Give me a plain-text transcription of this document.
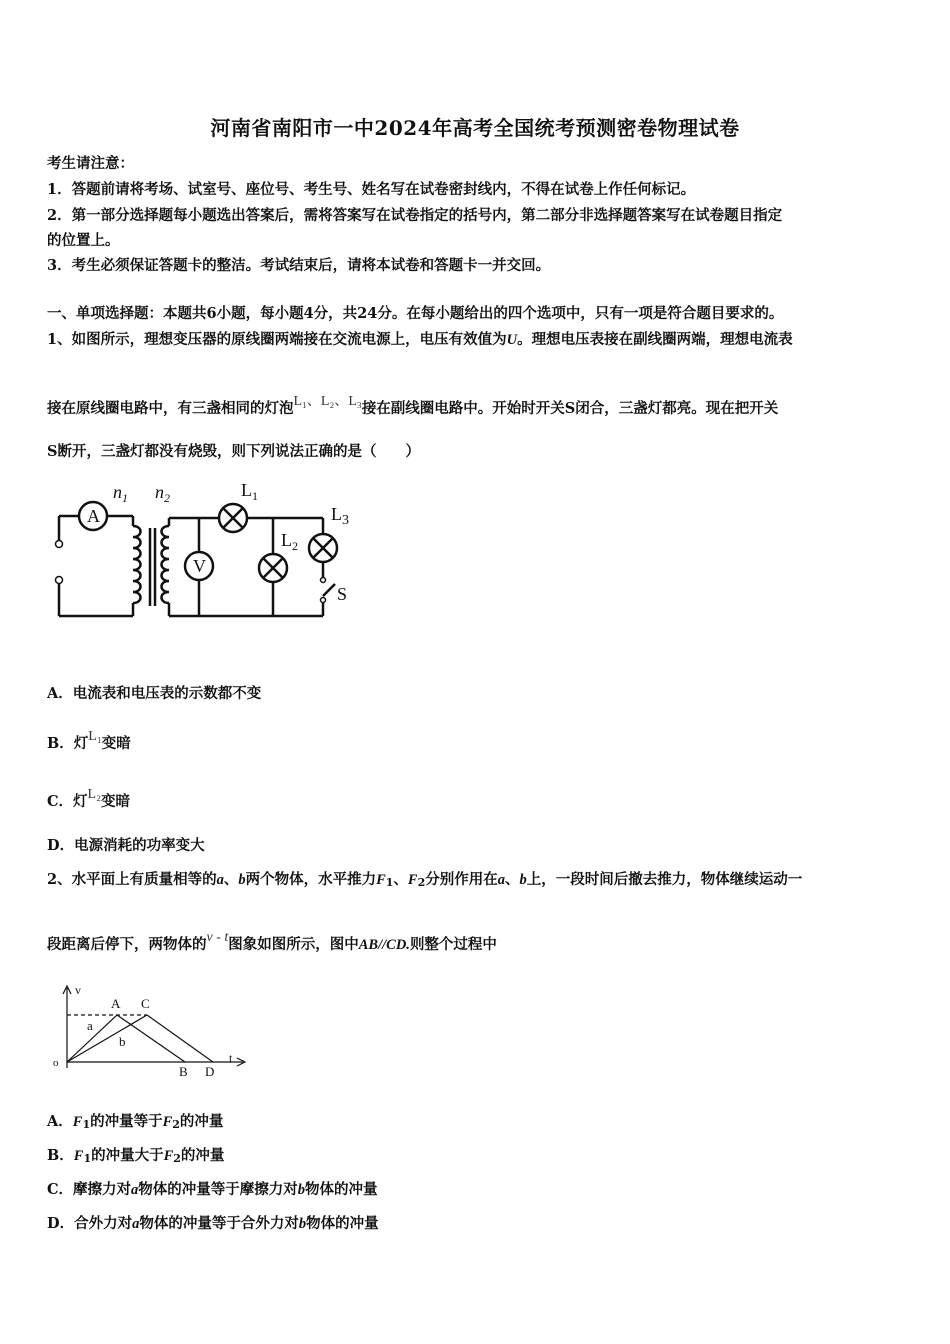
河南省南阳市一中2024年高考全国统考预测密卷物理试卷
考生请注意：
1．答题前请将考场、试室号、座位号、考生号、姓名写在试卷密封线内，不得在试卷上作任何标记。
2．第一部分选择题每小题选出答案后，需将答案写在试卷指定的括号内，第二部分非选择题答案写在试卷题目指定
的位置上。
3．考生必须保证答题卡的整洁。考试结束后，请将本试卷和答题卡一并交回。
一、单项选择题：本题共6小题，每小题4分，共24分。在每小题给出的四个选项中，只有一项是符合题目要求的。
1、如图所示，理想变压器的原线圈两端接在交流电源上，电压有效值为U。理想电压表接在副线圈两端，理想电流表
接在原线圈电路中，有三盏相同的灯泡L₁、L₂、L₃接在副线圈电路中。开始时开关S闭合，三盏灯都亮。现在把开关
S断开，三盏灯都没有烧毁，则下列说法正确的是（　　）
A
V
$n_1$ $n_2$	$L_1$
$L_2$
$L_3$
S
A．电流表和电压表的示数都不变
B．灯L₁变暗
C．灯L₂变暗
D．电源消耗的功率变大
2、水平面上有质量相等的a、b两个物体，水平推力F1、F2分别作用在a、b上，一段时间后撤去推力，物体继续运动一
段距离后停下，两物体的v - t图象如图所示，图中AB//CD.则整个过程中
v
t
o
A C
B D
a
b
A．F1的冲量等于F2的冲量
B．F1的冲量大于F2的冲量
C．摩擦力对a物体的冲量等于摩擦力对b物体的冲量
D．合外力对a物体的冲量等于合外力对b物体的冲量
